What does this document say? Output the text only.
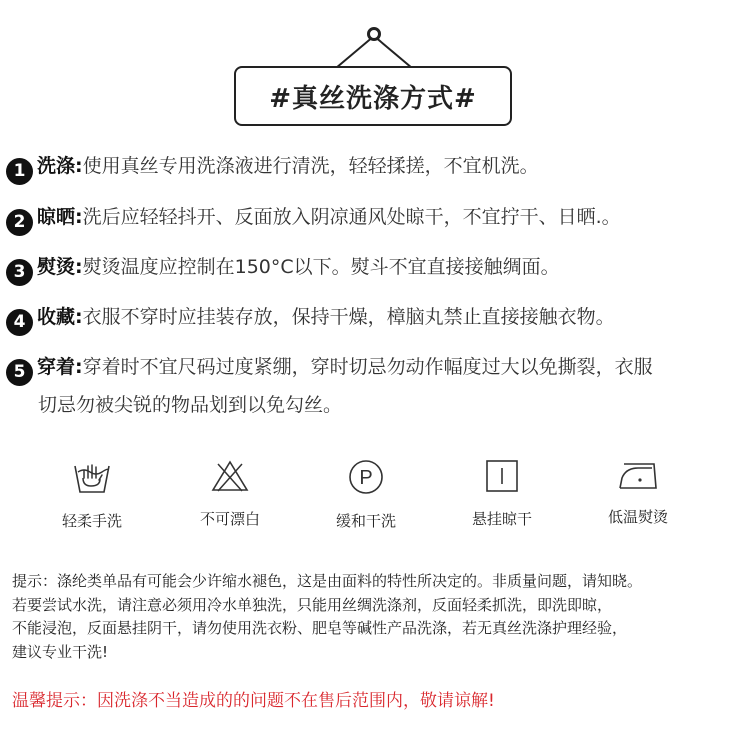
#真丝洗涤方式#
1 洗涤:使用真丝专用洗涤液进行清洗，轻轻揉搓，不宜机洗。
2 晾晒:洗后应轻轻抖开、反面放入阴凉通风处晾干，不宜拧干、日晒.。
3 熨烫:熨烫温度应控制在150°C以下。熨斗不宜直接接触绸面。
4 收藏:衣服不穿时应挂装存放，保持干燥，樟脑丸禁止直接接触衣物。
5 穿着:穿着时不宜尺码过度紧绷，穿时切忌勿动作幅度过大以免撕裂，衣服
切忌勿被尖锐的物品划到以免勾丝。
轻柔手洗	不可漂白
P
缓和干洗	悬挂晾干	低温熨烫
提示：涤纶类单品有可能会少许缩水褪色，这是由面料的特性所决定的。非质量问题，请知晓。
若要尝试水洗，请注意必须用冷水单独洗，只能用丝绸洗涤剂，反面轻柔抓洗，即洗即晾，
不能浸泡，反面悬挂阴干，请勿使用洗衣粉、肥皂等碱性产品洗涤，若无真丝洗涤护理经验，
建议专业干洗!
温馨提示：因洗涤不当造成的的问题不在售后范围内，敬请谅解!
